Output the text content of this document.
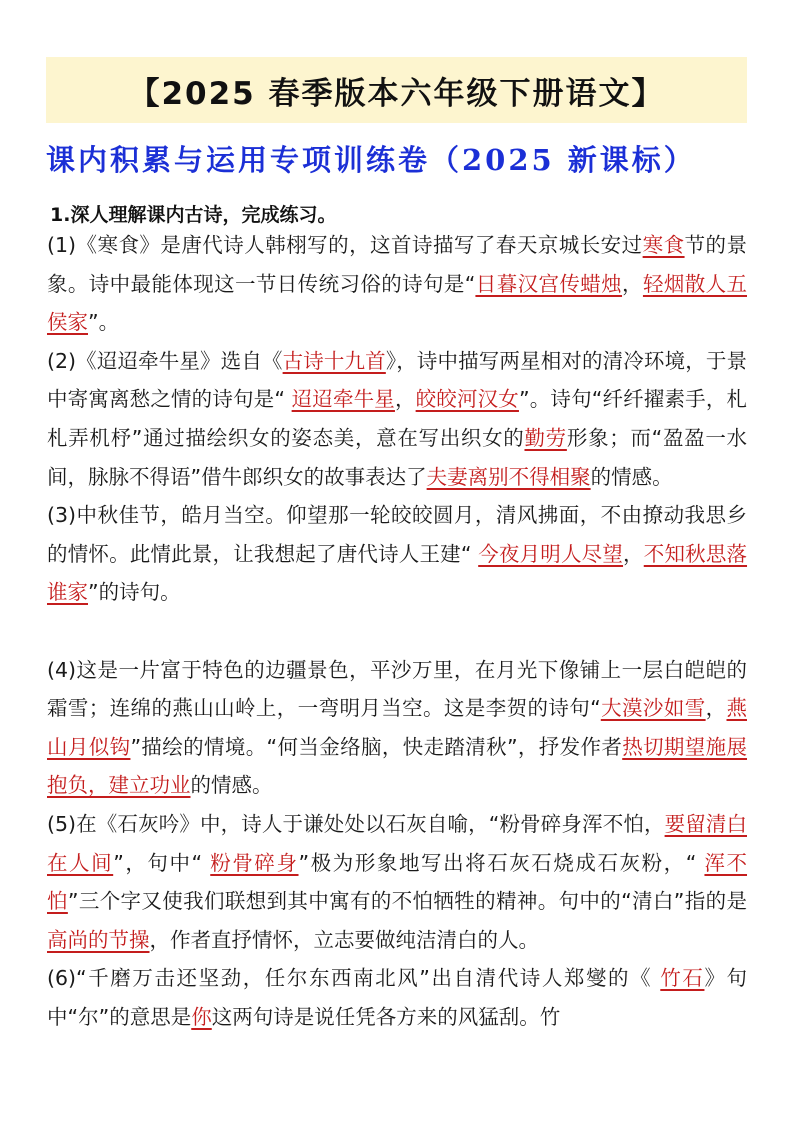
【2025 春季版本六年级下册语文】
课内积累与运用专项训练卷（2025 新课标）
1.深人理解课内古诗，完成练习。

(1)《寒食》是唐代诗人韩栩写的，这首诗描写了春天京城长安过寒食节的景象。诗中最能体现这一节日传统习俗的诗句是“日暮汉宫传蜡烛，轻烟散人五侯家”。

(2)《迢迢牵牛星》选自《古诗十九首》，诗中描写两星相对的清冷环境，于景中寄寓离愁之情的诗句是“ 迢迢牵牛星，皎皎河汉女”。诗句“纤纤擢素手，札札弄机杼”通过描绘织女的姿态美，意在写出织女的勤劳形象；而“盈盈一水间，脉脉不得语”借牛郎织女的故事表达了夫妻离别不得相聚的情感。

(3)中秋佳节，皓月当空。仰望那一轮皎皎圆月，清风拂面，不由撩动我思乡的情怀。此情此景，让我想起了唐代诗人王建“ 今夜月明人尽望，不知秋思落谁家”的诗句。

(4)这是一片富于特色的边疆景色，平沙万里，在月光下像铺上一层白皑皑的霜雪；连绵的燕山山岭上，一弯明月当空。这是李贺的诗句“大漠沙如雪，燕山月似钩”描绘的情境。“何当金络脑，快走踏清秋”，抒发作者热切期望施展抱负，建立功业的情感。

(5)在《石灰吟》中，诗人于谦处处以石灰自喻，“粉骨碎身浑不怕，要留清白在人间”，句中“ 粉骨碎身”极为形象地写出将石灰石烧成石灰粉，“ 浑不怕”三个字又使我们联想到其中寓有的不怕牺牲的精神。句中的“清白”指的是高尚的节操，作者直抒情怀，立志要做纯洁清白的人。

(6)“千磨万击还坚劲，任尔东西南北风”出自清代诗人郑燮的《 竹石》句中“尔”的意思是你这两句诗是说任凭各方来的风猛刮。竹
